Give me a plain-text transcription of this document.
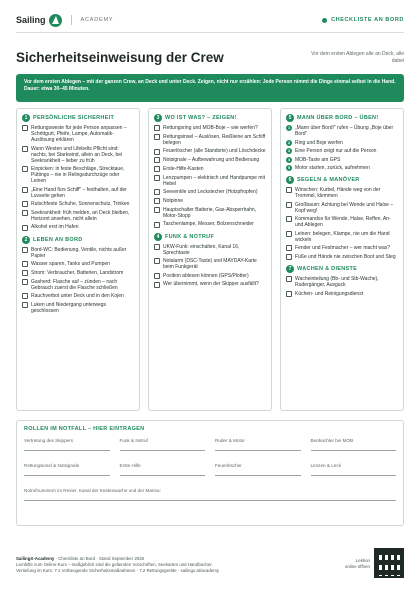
Sailing	ACADEMY	CHECKLISTE AN BORD
Sicherheitseinweisung der Crew	Vor dem ersten Ablegen alle an Deck, alle dabei
Vor dem ersten Ablegen – mit der ganzen Crew, an Deck und unter Deck. Zeigen, nicht nur erzählen: Jede Person nimmt die Dinge einmal selbst in die Hand. Dauer: etwa 30–45 Minuten.
1	PERSÖNLICHE SICHERHEIT
Rettungsweste für jede Person anpassen – Schrittgurt, Pfeife, Lampe, Automatik-Auslösung erklären
Wann Westen und Lifebelts Pflicht sind: nachts, bei Starkwind, allein an Deck, bei Seekrankheit – lieber zu früh
Einpicken: in feste Beschläge, Strecktaue, Püttings – nie in Relingsdurchzüge oder Leinen
„Eine Hand fürs Schiff“ – festhalten, auf der Luvseite gehen
Rutschfeste Schuhe, Sonnenschutz, Trinken
Seekrankheit: früh melden, an Deck bleiben, Horizont ansehen, nicht allein
Alkohol erst im Hafen
2	LEBEN AN BORD
Bord-WC: Bedienung, Ventile, nichts außer Papier
Wasser sparen, Tanks und Pumpen
Strom: Verbraucher, Batterien, Landstrom
Gasherd: Flasche auf – zünden – nach Gebrauch zuerst die Flasche schließen
Rauchverbot unter Deck und in den Kojen
Luken und Niedergang unterwegs geschlossen
3	WO IST WAS? – ZEIGEN!
Rettungsring und MOB-Boje – wie werfen?
Rettungsinsel – Auslösen, Reißleine am Schiff belegen
Feuerlöscher (alle Standorte) und Löschdecke
Notsignale – Aufbewahrung und Bedienung
Erste-Hilfe-Kasten
Lenzpumpen – elektrisch und Handpumpe mit Hebel
Seeventile und Leckstecher (Holzpfropfen)
Notpinne
Hauptschalter Batterie, Gas-Absperrhahn, Motor-Stopp
Taschenlampe, Messer, Bolzenschneider
4	FUNK & NOTRUF
UKW-Funk: einschalten, Kanal 16, Sprechtaste
Notalarm (DSC-Taste) und MAYDAY-Karte beim Funkgerät
Position ablesen können (GPS/Plotter)
Wer übernimmt, wenn der Skipper ausfällt?
5	MANN ÜBER BORD – ÜBEN!
1 „Mann über Bord!“ rufen – Übung „Boje über Bord“
2 Ring und Boje werfen
3 Eine Person zeigt nur auf die Person
4 MOB-Taste am GPS
5 Motor starten, zurück, aufnehmen
6	SEGELN & MANÖVER
Winschen: Kurbel, Hände weg von der Trommel, klemmen
Großbaum: Achtung bei Wende und Halse – Kopf weg!
Kommandos für Wende, Halse, Reffen, An- und Ablegen
Leinen: belegen, Klampe, nie um die Hand wickeln
Fender und Festmacher – wer macht was?
Füße und Hände nie zwischen Boot und Steg
7	WACHEN & DIENSTE
Wacheinteilung (Bb- und Stb-Wache), Rudergänger, Ausguck
Küchen- und Reinigungsdienst
ROLLEN IM NOTFALL – HIER EINTRAGEN
Vertretung des Skippers	Funk & Notruf	Ruder & Motor	Beobachter bei MOB
Rettungsinsel & Notsignale	Erste Hilfe	Feuerlöscher	Lenzen & Leck
Notrufnummern im Revier, Kanal der Küstenwache und der Marina:
SailingX-Academy · Checkliste an Bord · Stand September 2026
Lernhilfe zum Online-Kurs – maßgeblich sind die geltenden Vorschriften, Seekarten und Handbücher.
Vertiefung im Kurs: 7.1 Vorbeugende Sicherheitsmaßnahmen · 7.2 Rettungsgeräte · sailingx.at/academy
Lektion
online öffnen
